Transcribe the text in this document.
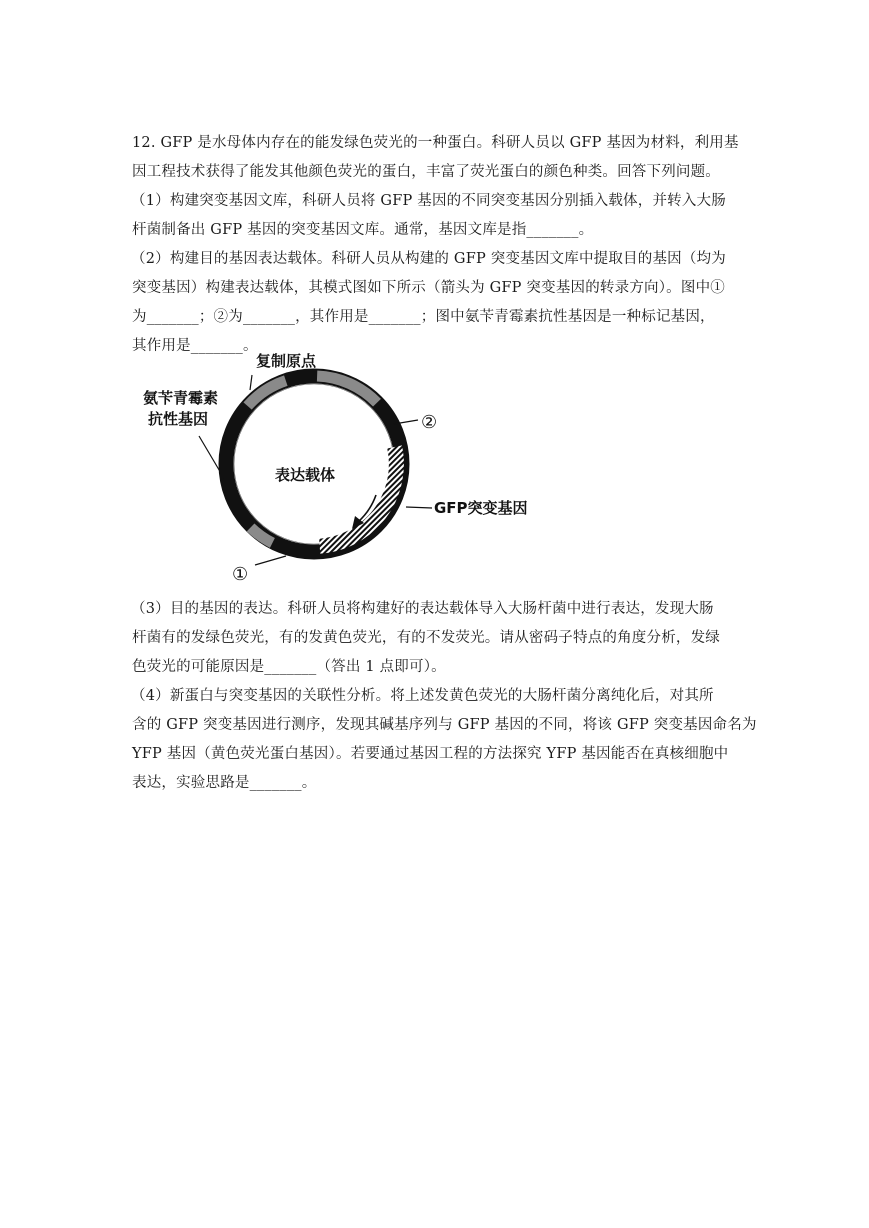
12. GFP 是水母体内存在的能发绿色荧光的一种蛋白。科研人员以 GFP 基因为材料，利用基
因工程技术获得了能发其他颜色荧光的蛋白，丰富了荧光蛋白的颜色种类。回答下列问题。
（1）构建突变基因文库，科研人员将 GFP 基因的不同突变基因分别插入载体，并转入大肠
杆菌制备出 GFP 基因的突变基因文库。通常，基因文库是指_______。
（2）构建目的基因表达载体。科研人员从构建的 GFP 突变基因文库中提取目的基因（均为
突变基因）构建表达载体，其模式图如下所示（箭头为 GFP 突变基因的转录方向）。图中①
为_______；②为_______，其作用是_______；图中氨苄青霉素抗性基因是一种标记基因，
其作用是_______。
复制原点
氨苄青霉素
抗性基因	②
GFP突变基因
①
表达载体
（3）目的基因的表达。科研人员将构建好的表达载体导入大肠杆菌中进行表达，发现大肠
杆菌有的发绿色荧光，有的发黄色荧光，有的不发荧光。请从密码子特点的角度分析，发绿
色荧光的可能原因是_______（答出 1 点即可）。
（4）新蛋白与突变基因的关联性分析。将上述发黄色荧光的大肠杆菌分离纯化后，对其所
含的 GFP 突变基因进行测序，发现其碱基序列与 GFP 基因的不同，将该 GFP 突变基因命名为
YFP 基因（黄色荧光蛋白基因）。若要通过基因工程的方法探究 YFP 基因能否在真核细胞中
表达，实验思路是_______。
